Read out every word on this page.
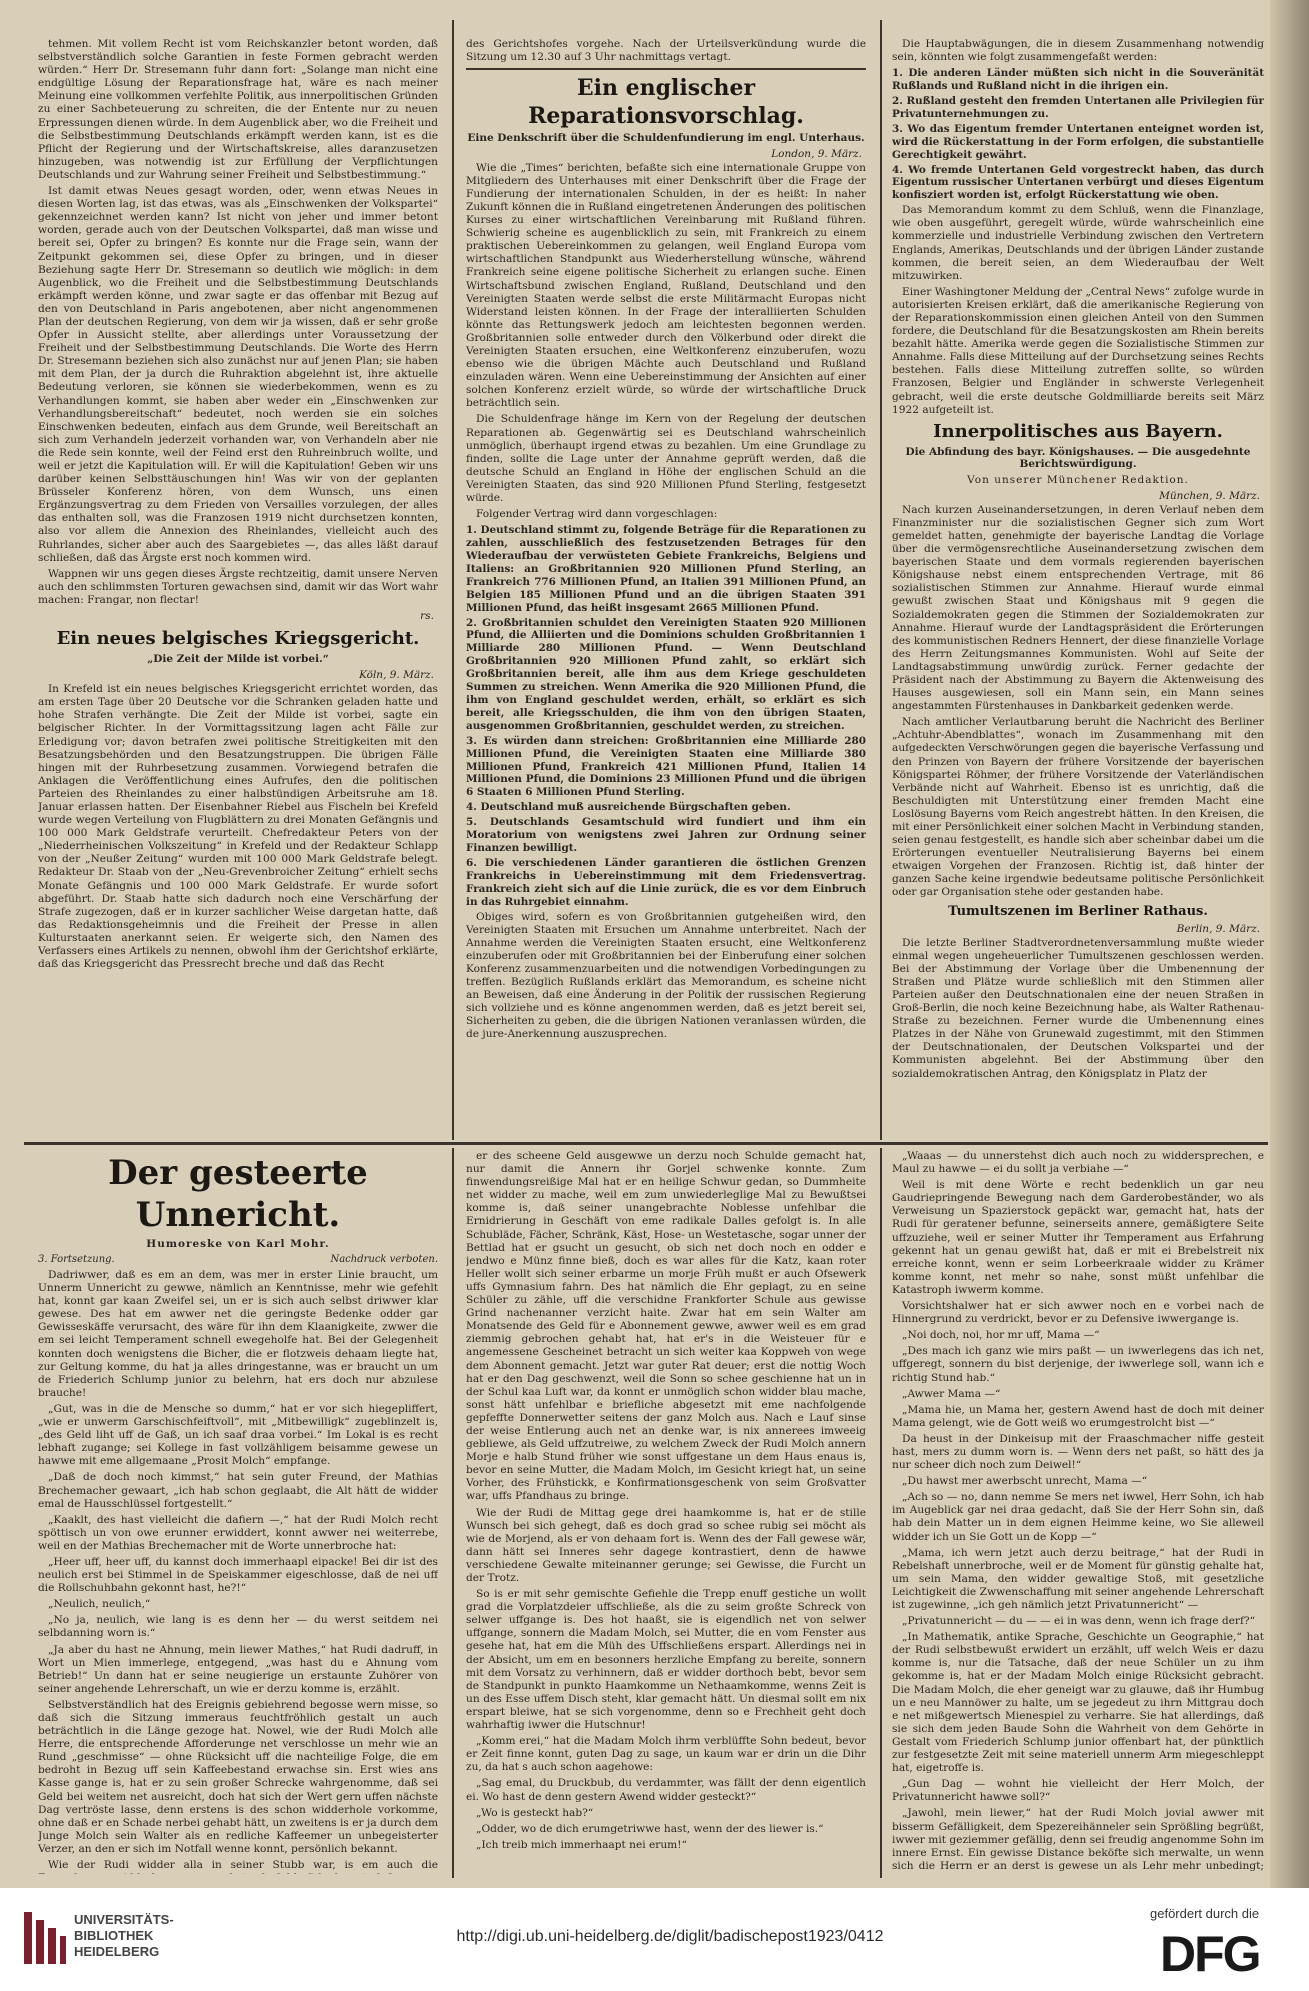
tehmen. Mit vollem Recht ist vom Reichskanzler betont worden, daß selbstverständlich solche Garantien in feste Formen gebracht werden würden.“ Herr Dr. Stresemann fuhr dann fort: „Solange man nicht eine endgültige Lösung der Reparationsfrage hat, wäre es nach meiner Meinung eine vollkommen verfehlte Politik, aus innerpolitischen Gründen zu einer Sachbeteuerung zu schreiten, die der Entente nur zu neuen Erpressungen dienen würde. In dem Augenblick aber, wo die Freiheit und die Selbstbestimmung Deutschlands erkämpft werden kann, ist es die Pflicht der Regierung und der Wirtschaftskreise, alles daranzusetzen hinzugeben, was notwendig ist zur Erfüllung der Verpflichtungen Deutschlands und zur Wahrung seiner Freiheit und Selbstbestimmung.“

Ist damit etwas Neues gesagt worden, oder, wenn etwas Neues in diesen Worten lag, ist das etwas, was als „Einschwenken der Volkspartei“ gekennzeichnet werden kann? Ist nicht von jeher und immer betont worden, gerade auch von der Deutschen Volkspartei, daß man wisse und bereit sei, Opfer zu bringen? Es konnte nur die Frage sein, wann der Zeitpunkt gekommen sei, diese Opfer zu bringen, und in dieser Beziehung sagte Herr Dr. Stresemann so deutlich wie möglich: in dem Augenblick, wo die Freiheit und die Selbstbestimmung Deutschlands erkämpft werden könne, und zwar sagte er das offenbar mit Bezug auf den von Deutschland in Paris angebotenen, aber nicht angenommenen Plan der deutschen Regierung, von dem wir ja wissen, daß er sehr große Opfer in Aussicht stellte, aber allerdings unter Voraussetzung der Freiheit und der Selbstbestimmung Deutschlands. Die Worte des Herrn Dr. Stresemann beziehen sich also zunächst nur auf jenen Plan; sie haben mit dem Plan, der ja durch die Ruhraktion abgelehnt ist, ihre aktuelle Bedeutung verloren, sie können sie wiederbekommen, wenn es zu Verhandlungen kommt, sie haben aber weder ein „Einschwenken zur Verhandlungsbereitschaft“ bedeutet, noch werden sie ein solches Einschwenken bedeuten, einfach aus dem Grunde, weil Bereitschaft an sich zum Verhandeln jederzeit vorhanden war, von Verhandeln aber nie die Rede sein konnte, weil der Feind erst den Ruhreinbruch wollte, und weil er jetzt die Kapitulation will. Er will die Kapitulation! Geben wir uns darüber keinen Selbsttäuschungen hin! Was wir von der geplanten Brüsseler Konferenz hören, von dem Wunsch, uns einen Ergänzungsvertrag zu dem Frieden von Versailles vorzulegen, der alles das enthalten soll, was die Franzosen 1919 nicht durchsetzen konnten, also vor allem die Annexion des Rheinlandes, vielleicht auch des Ruhrlandes, sicher aber auch des Saargebietes —, das alles läßt darauf schließen, daß das Ärgste erst noch kommen wird.

Wappnen wir uns gegen dieses Ärgste rechtzeitig, damit unsere Nerven auch den schlimmsten Torturen gewachsen sind, damit wir das Wort wahr machen: Frangar, non flectar!

rs.

Ein neues belgisches Kriegsgericht.
„Die Zeit der Milde ist vorbei.“
Köln, 9. März.

In Krefeld ist ein neues belgisches Kriegsgericht errichtet worden, das am ersten Tage über 20 Deutsche vor die Schranken geladen hatte und hohe Strafen verhängte. Die Zeit der Milde ist vorbei, sagte ein belgischer Richter. In der Vormittagssitzung lagen acht Fälle zur Erledigung vor; davon betrafen zwei politische Streitigkeiten mit den Besatzungsbehörden und den Besatzungstruppen. Die übrigen Fälle hingen mit der Ruhrbesetzung zusammen. Vorwiegend betrafen die Anklagen die Veröffentlichung eines Aufrufes, den die politischen Parteien des Rheinlandes zu einer halbstündigen Arbeitsruhe am 18. Januar erlassen hatten. Der Eisenbahner Riebel aus Fischeln bei Krefeld wurde wegen Verteilung von Flugblättern zu drei Monaten Gefängnis und 100 000 Mark Geldstrafe verurteilt. Chefredakteur Peters von der „Niederrheinischen Volkszeitung“ in Krefeld und der Redakteur Schlapp von der „Neußer Zeitung“ wurden mit 100 000 Mark Geldstrafe belegt. Redakteur Dr. Staab von der „Neu-Grevenbroicher Zeitung“ erhielt sechs Monate Gefängnis und 100 000 Mark Geldstrafe. Er wurde sofort abgeführt. Dr. Staab hatte sich dadurch noch eine Verschärfung der Strafe zugezogen, daß er in kurzer sachlicher Weise dargetan hatte, daß das Redaktionsgeheimnis und die Freiheit der Presse in allen Kulturstaaten anerkannt seien. Er weigerte sich, den Namen des Verfassers eines Artikels zu nennen, obwohl ihm der Gerichtshof erklärte, daß das Kriegsgericht das Pressrecht breche und daß das Recht

des Gerichtshofes vorgehe. Nach der Urteilsverkündung wurde die Sitzung um 12.30 auf 3 Uhr nachmittags vertagt.

Ein englischer Reparationsvorschlag.
Eine Denkschrift über die Schuldenfundierung im engl. Unterhaus.
London, 9. März.

Wie die „Times“ berichten, befaßte sich eine internationale Gruppe von Mitgliedern des Unterhauses mit einer Denkschrift über die Frage der Fundierung der internationalen Schulden, in der es heißt: In naher Zukunft können die in Rußland eingetretenen Änderungen des politischen Kurses zu einer wirtschaftlichen Vereinbarung mit Rußland führen. Schwierig scheine es augenblicklich zu sein, mit Frankreich zu einem praktischen Uebereinkommen zu gelangen, weil England Europa vom wirtschaftlichen Standpunkt aus Wiederherstellung wünsche, während Frankreich seine eigene politische Sicherheit zu erlangen suche. Einen Wirtschaftsbund zwischen England, Rußland, Deutschland und den Vereinigten Staaten werde selbst die erste Militärmacht Europas nicht Widerstand leisten können. In der Frage der interalliierten Schulden könnte das Rettungswerk jedoch am leichtesten begonnen werden. Großbritannien solle entweder durch den Völkerbund oder direkt die Vereinigten Staaten ersuchen, eine Weltkonferenz einzuberufen, wozu ebenso wie die übrigen Mächte auch Deutschland und Rußland einzuladen wären. Wenn eine Uebereinstimmung der Ansichten auf einer solchen Konferenz erzielt würde, so würde der wirtschaftliche Druck beträchtlich sein.

Die Schuldenfrage hänge im Kern von der Regelung der deutschen Reparationen ab. Gegenwärtig sei es Deutschland wahrscheinlich unmöglich, überhaupt irgend etwas zu bezahlen. Um eine Grundlage zu finden, sollte die Lage unter der Annahme geprüft werden, daß die deutsche Schuld an England in Höhe der englischen Schuld an die Vereinigten Staaten, das sind 920 Millionen Pfund Sterling, festgesetzt würde.

Folgender Vertrag wird dann vorgeschlagen:

1. Deutschland stimmt zu, folgende Beträge für die Reparationen zu zahlen, ausschließlich des festzusetzenden Betrages für den Wiederaufbau der verwüsteten Gebiete Frankreichs, Belgiens und Italiens: an Großbritannien 920 Millionen Pfund Sterling, an Frankreich 776 Millionen Pfund, an Italien 391 Millionen Pfund, an Belgien 185 Millionen Pfund und an die übrigen Staaten 391 Millionen Pfund, das heißt insgesamt 2665 Millionen Pfund.

2. Großbritannien schuldet den Vereinigten Staaten 920 Millionen Pfund, die Alliierten und die Dominions schulden Großbritannien 1 Milliarde 280 Millionen Pfund. — Wenn Deutschland Großbritannien 920 Millionen Pfund zahlt, so erklärt sich Großbritannien bereit, alle ihm aus dem Kriege geschuldeten Summen zu streichen. Wenn Amerika die 920 Millionen Pfund, die ihm von England geschuldet werden, erhält, so erklärt es sich bereit, alle Kriegsschulden, die ihm von den übrigen Staaten, ausgenommen Großbritannien, geschuldet werden, zu streichen.

3. Es würden dann streichen: Großbritannien eine Milliarde 280 Millionen Pfund, die Vereinigten Staaten eine Milliarde 380 Millionen Pfund, Frankreich 421 Millionen Pfund, Italien 14 Millionen Pfund, die Dominions 23 Millionen Pfund und die übrigen 6 Staaten 6 Millionen Pfund Sterling.

4. Deutschland muß ausreichende Bürgschaften geben.

5. Deutschlands Gesamtschuld wird fundiert und ihm ein Moratorium von wenigstens zwei Jahren zur Ordnung seiner Finanzen bewilligt.

6. Die verschiedenen Länder garantieren die östlichen Grenzen Frankreichs in Uebereinstimmung mit dem Friedensvertrag. Frankreich zieht sich auf die Linie zurück, die es vor dem Einbruch in das Ruhrgebiet einnahm.

Obiges wird, sofern es von Großbritannien gutgeheißen wird, den Vereinigten Staaten mit Ersuchen um Annahme unterbreitet. Nach der Annahme werden die Vereinigten Staaten ersucht, eine Weltkonferenz einzuberufen oder mit Großbritannien bei der Einberufung einer solchen Konferenz zusammenzuarbeiten und die notwendigen Vorbedingungen zu treffen. Bezüglich Rußlands erklärt das Memorandum, es scheine nicht an Beweisen, daß eine Änderung in der Politik der russischen Regierung sich vollziehe und es könne angenommen werden, daß es jetzt bereit sei, Sicherheiten zu geben, die die übrigen Nationen veranlassen würden, die de jure-Anerkennung auszusprechen.

Die Hauptabwägungen, die in diesem Zusammenhang notwendig sein, könnten wie folgt zusammengefaßt werden:

1. Die anderen Länder müßten sich nicht in die Souveränität Rußlands und Rußland nicht in die ihrigen ein.

2. Rußland gesteht den fremden Untertanen alle Privilegien für Privatunternehmungen zu.

3. Wo das Eigentum fremder Untertanen enteignet worden ist, wird die Rückerstattung in der Form erfolgen, die substantielle Gerechtigkeit gewährt.

4. Wo fremde Untertanen Geld vorgestreckt haben, das durch Eigentum russischer Untertanen verbürgt und dieses Eigentum konfisziert worden ist, erfolgt Rückerstattung wie oben.

Das Memorandum kommt zu dem Schluß, wenn die Finanzlage, wie oben ausgeführt, geregelt würde, würde wahrscheinlich eine kommerzielle und industrielle Verbindung zwischen den Vertretern Englands, Amerikas, Deutschlands und der übrigen Länder zustande kommen, die bereit seien, an dem Wiederaufbau der Welt mitzuwirken.

Einer Washingtoner Meldung der „Central News“ zufolge wurde in autorisierten Kreisen erklärt, daß die amerikanische Regierung von der Reparationskommission einen gleichen Anteil von den Summen fordere, die Deutschland für die Besatzungskosten am Rhein bereits bezahlt hätte. Amerika werde gegen die Sozialistische Stimmen zur Annahme. Falls diese Mitteilung auf der Durchsetzung seines Rechts bestehen. Falls diese Mitteilung zutreffen sollte, so würden Franzosen, Belgier und Engländer in schwerste Verlegenheit gebracht, weil die erste deutsche Goldmilliarde bereits seit März 1922 aufgeteilt ist.

Innerpolitisches aus Bayern.
Die Abfindung des bayr. Königshauses. — Die ausgedehnte Berichtswürdigung.
Von unserer Münchener Redaktion.
München, 9. März.

Nach kurzen Auseinandersetzungen, in deren Verlauf neben dem Finanzminister nur die sozialistischen Gegner sich zum Wort gemeldet hatten, genehmigte der bayerische Landtag die Vorlage über die vermögensrechtliche Auseinandersetzung zwischen dem bayerischen Staate und dem vormals regierenden bayerischen Königshause nebst einem entsprechenden Vertrage, mit 86 sozialistischen Stimmen zur Annahme. Hierauf wurde einmal gewußt zwischen Staat und Königshaus mit 9 gegen die Sozialdemokraten gegen die Stimmen der Sozialdemokraten zur Annahme. Hierauf wurde der Landtagspräsident die Erörterungen des kommunistischen Redners Hennert, der diese finanzielle Vorlage des Herrn Zeitungsmannes Kommunisten. Wohl auf Seite der Landtagsabstimmung unwürdig zurück. Ferner gedachte der Präsident nach der Abstimmung zu Bayern die Aktenweisung des Hauses ausgewiesen, soll ein Mann sein, ein Mann seines angestammten Fürstenhauses in Dankbarkeit gedenken werde.

Nach amtlicher Verlautbarung beruht die Nachricht des Berliner „Achtuhr-Abendblattes“, wonach im Zusammenhang mit den aufgedeckten Verschwörungen gegen die bayerische Verfassung und den Prinzen von Bayern der frühere Vorsitzende der bayerischen Königspartei Röhmer, der frühere Vorsitzende der Vaterländischen Verbände nicht auf Wahrheit. Ebenso ist es unrichtig, daß die Beschuldigten mit Unterstützung einer fremden Macht eine Loslösung Bayerns vom Reich angestrebt hätten. In den Kreisen, die mit einer Persönlichkeit einer solchen Macht in Verbindung standen, seien genau festgestellt, es handle sich aber scheinbar dabei um die Erörterungen eventueller Neutralisierung Bayerns bei einem etwaigen Vorgehen der Franzosen. Richtig ist, daß hinter der ganzen Sache keine irgendwie bedeutsame politische Persönlichkeit oder gar Organisation stehe oder gestanden habe.

Tumultszenen im Berliner Rathaus.
Berlin, 9. März.

Die letzte Berliner Stadtverordnetenversammlung mußte wieder einmal wegen ungeheuerlicher Tumultszenen geschlossen werden. Bei der Abstimmung der Vorlage über die Umbenennung der Straßen und Plätze wurde schließlich mit den Stimmen aller Parteien außer den Deutschnationalen eine der neuen Straßen in Groß-Berlin, die noch keine Bezeichnung habe, als Walter Rathenau-Straße zu bezeichnen. Ferner wurde die Umbenennung eines Platzes in der Nähe von Grunewald zugestimmt, mit den Stimmen der Deutschnationalen, der Deutschen Volkspartei und der Kommunisten abgelehnt. Bei der Abstimmung über den sozialdemokratischen Antrag, den Königsplatz in Platz der

Der gesteerte Unnericht.
Humoreske von Karl Mohr.
3. Fortsetzung.	Nachdruck verboten.

Dadriwwer, daß es em an dem, was mer in erster Linie braucht, um Unnerm Unnericht zu gewwe, nämlich an Kenntnisse, mehr wie gefehlt hat, konnt gar kaan Zweifel sei, un er is sich auch selbst driwwer klar gewese. Des hat em awwer net die geringste Bedenke odder gar Gewisseskäffe verursacht, des wäre für ihn dem Klaanigkeite, zwwer die em sei leicht Temperament schnell ewegeholfe hat. Bei der Gelegenheit konnten doch wenigstens die Bicher, die er flotzweis dehaam liegte hat, zur Geltung komme, du hat ja alles dringestanne, was er braucht un um de Friederich Schlump junior zu belehrn, hat ers doch nur abzulese brauche!

„Gut, was in die de Mensche so dumm,“ hat er vor sich hiegepliffert, „wie er unwerm Garschischfeiftvoll“, mit „Mitbewilligk“ zugeblinzelt is, „des Geld liht uff de Gaß, un ich saaf draa vorbei.“ Im Lokal is es recht lebhaft zugange; sei Kollege in fast vollzähligem beisamme gewese un hawwe mit eme allgemaane „Prosit Molch“ empfange.

„Daß de doch noch kimmst,“ hat sein guter Freund, der Mathias Brechemacher gewaart, „ich hab schon geglaabt, die Alt hätt de widder emal de Hausschlüssel fortgestellt.“

„Kaaklt, des hast vielleicht die dafiern —,“ hat der Rudi Molch recht spöttisch un von owe erunner erwiddert, konnt awwer nei weiterrebe, weil en der Mathias Brechemacher mit de Worte unnerbroche hat:

„Heer uff, heer uff, du kannst doch immerhaapl eipacke! Bei dir ist des neulich erst bei Stimmel in de Speiskammer eigeschlosse, daß de nei uff die Rollschuhbahn gekonnt hast, he?!“

„Neulich, neulich,“

„No ja, neulich, wie lang is es denn her — du werst seitdem nei selbdanning worn is.“

„Ja aber du hast ne Ahnung, mein liewer Mathes,“ hat Rudi dadruff, in Wort un Mien immerlege, entgegend, „was hast du e Ahnung vom Betrieb!“ Un dann hat er seine neugierige un erstaunte Zuhörer von seiner angehende Lehrerschaft, un wie er derzu komme is, erzählt.

Selbstverständlich hat des Ereignis gebiehrend begosse wern misse, so daß sich die Sitzung immeraus feuchtfröhlich gestalt un auch beträchtlich in die Länge gezoge hat. Nowel, wie der Rudi Molch alle Herre, die entsprechende Afforderunge net verschlosse un mehr wie an Rund „geschmisse“ — ohne Rücksicht uff die nachteilige Folge, die em bedroht in Bezug uff sein Kaffeebestand erwachse sin. Erst wies ans Kasse gange is, hat er zu sein großer Schrecke wahrgenomme, daß sei Geld bei weitem net ausreicht, doch hat sich der Wert gern uffen nächste Dag vertröste lasse, denn erstens is des schon widderhole vorkomme, ohne daß er en Schade nerbei gehabt hätt, un zweitens is er ja durch dem Junge Molch sein Walter als en redliche Kaffeemer un unbegeisterter Verzer, an den er sich im Notfall wenne konnt, persönlich bekannt.

Wie der Rudi widder alla in seiner Stubb war, is em auch die

er des scheene Geld ausgewwe un derzu noch Schulde gemacht hat, nur damit die Annern ihr Gorjel schwenke konnte. Zum finwendungsreißige Mal hat er en heilige Schwur gedan, so Dummheite net widder zu mache, weil em zum unwiederleglige Mal zu Bewußtsei komme is, daß seiner unangebrachte Noblesse unfehlbar die Ernidrierung in Geschäft von eme radikale Dalles gefolgt is. In alle Schubläde, Fächer, Schränk, Käst, Hose- un Westetasche, sogar unner der Bettlad hat er gsucht un gesucht, ob sich net doch noch en odder e jendwo e Münz finne bieß, doch es war alles für die Katz, kaan roter Heller wollt sich seiner erbarme un morje Früh mußt er auch Ofsewerk uffs Gymnasium fahrn. Des hat nämlich die Ehr geplagt, zu en seine Schüler zu zähle, uff die verschidne Frankforter Schule aus gewisse Grind nachenanner verzicht haite. Zwar hat em sein Walter am Monatsende des Geld für e Abonnement gewwe, awwer weil es em grad ziemmig gebrochen gehabt hat, hat er's in die Weisteuer für e angemessene Gescheinet betracht un sich weiter kaa Koppweh von wege dem Abonnent gemacht. Jetzt war guter Rat deuer; erst die nottig Woch hat er den Dag geschwenzt, weil die Sonn so schee geschienne hat un in der Schul kaa Luft war, da konnt er unmöglich schon widder blau mache, sonst hätt unfehlbar e briefliche abgesetzt mit eme nachfolgende gepfeffte Donnerwetter seitens der ganz Molch aus. Nach e Lauf sinse der weise Entlerung auch net an denke war, is nix annerees imweeig gebliewe, als Geld uffzutreiwe, zu welchem Zweck der Rudi Molch annern Morje e halb Stund früher wie sonst uffgestane un dem Haus enaus is, bevor en seine Mutter, die Madam Molch, im Gesicht kriegt hat, un seine Vorher, des Frühstickk, e Konfirmationsgeschenk von seim Großvatter war, uffs Pfandhaus zu bringe.

Wie der Rudi de Mittag gege drei haamkomme is, hat er de stille Wunsch bei sich gehegt, daß es doch grad so schee rubig sei möcht als wie de Morjend, als er von dehaam fort is. Wenn des der Fall gewese wär, dann hätt sei Inneres sehr dagege kontrastiert, denn de hawwe verschiedene Gewalte miteinanner gerunge; sei Gewisse, die Furcht un der Trotz.

So is er mit sehr gemischte Gefiehle die Trepp enuff gestiche un wollt grad die Vorplatzdeier uffschließe, als die zu seim großte Schreck von selwer uffgange is. Des hot haaßt, sie is eigendlich net von selwer uffgange, sonnern die Madam Molch, sei Mutter, die en vom Fenster aus gesehe hat, hat em die Müh des Uffschließens erspart. Allerdings nei in der Absicht, um em en besonners herzliche Empfang zu bereite, sonnern mit dem Vorsatz zu verhinnern, daß er widder dorthoch bebt, bevor sem de Standpunkt in punkto Haamkomme un Nethaamkomme, wenns Zeit is un des Esse uffem Disch steht, klar gemacht hätt. Un diesmal sollt em nix erspart bleiwe, hat se sich vorgenomme, denn so e Frechheit geht doch wahrhaftig iwwer die Hutschnur!

„Komm erei,“ hat die Madam Molch ihrm verblüffte Sohn bedeut, bevor er Zeit finne konnt, guten Dag zu sage, un kaum war er drin un die Dihr zu, da hat s auch schon aagehowe:

„Sag emal, du Druckbub, du verdammter, was fällt der denn eigentlich ei. Wo hast de denn gestern Awend widder gesteckt?“

„Wo is gesteckt hab?“

„Odder, wo de dich erumgetriwwe hast, wenn der des liewer is.“

„Ich treib mich immerhaapt nei erum!“

„Waaas — du unnerstehst dich auch noch zu widdersprechen, e Maul zu hawwe — ei du sollt ja verbiahe —“

Weil is mit dene Wörte e recht bedenklich un gar neu Gaudriepringende Bewegung nach dem Garderobeständer, wo als Verweisung un Spazierstock gepäckt war, gemacht hat, hats der Rudi für geratener befunne, seinerseits annere, gemäßigtere Seite uffzuziehe, weil er seiner Mutter ihr Temperament aus Erfahrung gekennt hat un genau gewißt hat, daß er mit ei Brebelstreit nix erreiche konnt, wenn er seim Lorbeerkraale widder zu Krämer komme konnt, net mehr so nahe, sonst müßt unfehlbar die Katastroph iwwerm komme.

Vorsichtshalwer hat er sich awwer noch en e vorbei nach de Hinnergrund zu verdrickt, bevor er zu Defensive iwwergange is.

„Noi doch, noi, hor mr uff, Mama —“

„Des mach ich ganz wie mirs paßt — un iwwerlegens das ich net, uffgeregt, sonnern du bist derjenige, der iwwerlege soll, wann ich e richtig Stund hab.“

„Awwer Mama —“

„Mama hie, un Mama her, gestern Awend hast de doch mit deiner Mama gelengt, wie de Gott weiß wo erumgestrolcht bist —“

Da heust in der Dinkeisup mit der Fraaschmacher niffe gesteit hast, mers zu dumm worn is. — Wenn ders net paßt, so hätt des ja nur scheer dich noch zum Deiwel!“

„Du hawst mer awerbscht unrecht, Mama —“

„Ach so — no, dann nemme Se mers net iwwel, Herr Sohn, ich hab im Augeblick gar nei draa gedacht, daß Sie der Herr Sohn sin, daß hab dein Matter un in dem eignen Heimme keine, wo Sie alleweil widder ich un Sie Gott un de Kopp —“

„Mama, ich wern jetzt auch derzu beitrage,“ hat der Rudi in Rebelshaft unnerbroche, weil er de Moment für günstig gehalte hat, um sein Mama, den widder gewaltige Stoß, mit gesetzliche Leichtigkeit die Zwwenschaffung mit seiner angehende Lehrerschaft ist zugewinne, „ich geh nämlich jetzt Privatunnericht“ —

„Privatunnericht — du — — ei in was denn, wenn ich frage derf?“

„In Mathematik, antike Sprache, Geschichte un Geographie,“ hat der Rudi selbstbewußt erwidert un erzählt, uff welch Weis er dazu komme is, nur die Tatsache, daß der neue Schüler un zu ihm gekomme is, hat er der Madam Molch einige Rücksicht gebracht. Die Madam Molch, die eher geneigt war zu glauwe, daß ihr Humbug un e neu Mannöwer zu halte, um se jegedeut zu ihrn Mittgrau doch e net mißgewertsch Mienespiel zu verharre. Sie hat allerdings, daß sie sich dem jeden Baude Sohn die Wahrheit von dem Gehörte in Gestalt vom Friederich Schlump junior offenbart hat, der pünktlich zur festgesetzte Zeit mit seine materiell unnerm Arm miegeschleppt hat, eigetroffe is.

„Gun Dag — wohnt hie vielleicht der Herr Molch, der Privatunnericht hawwe soll?“

„Jawohl, mein liewer,“ hat der Rudi Molch jovial awwer mit bisserm Gefälligkeit, dem Spezereihänneler sein Sprößling begrüßt, iwwer mit geziemmer gefällig, denn sei freudig angenomme Sohn im innere Ernst. Ein gewisse Distance beköfte sich merwalte, un wenn sich die Herrn er an derst is gewese un als Lehr mehr unbedingt;

UNIVERSITÄTS-
BIBLIOTHEK
HEIDELBERG
http://digi.ub.uni-heidelberg.de/diglit/badischepost1923/0412
gefördert durch die
DFG
